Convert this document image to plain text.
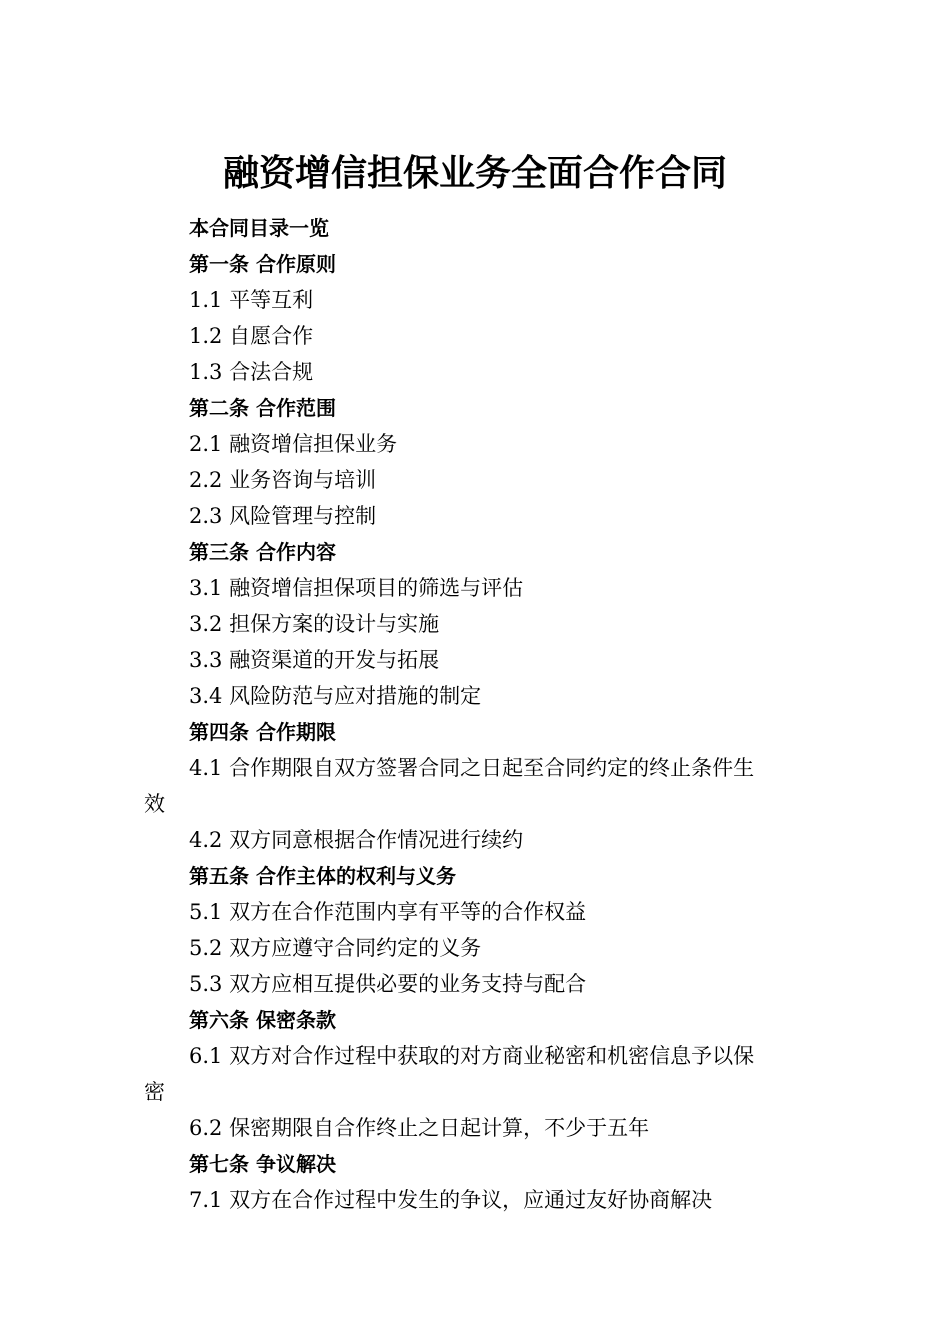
融资增信担保业务全面合作合同

本合同目录一览

第一条 合作原则

1.1 平等互利

1.2 自愿合作

1.3 合法合规

第二条 合作范围

2.1 融资增信担保业务

2.2 业务咨询与培训

2.3 风险管理与控制

第三条 合作内容

3.1 融资增信担保项目的筛选与评估

3.2 担保方案的设计与实施

3.3 融资渠道的开发与拓展

3.4 风险防范与应对措施的制定

第四条 合作期限

4.1 合作期限自双方签署合同之日起至合同约定的终止条件生

效

4.2 双方同意根据合作情况进行续约

第五条 合作主体的权利与义务

5.1 双方在合作范围内享有平等的合作权益

5.2 双方应遵守合同约定的义务

5.3 双方应相互提供必要的业务支持与配合

第六条 保密条款

6.1 双方对合作过程中获取的对方商业秘密和机密信息予以保

密

6.2 保密期限自合作终止之日起计算，不少于五年

第七条 争议解决

7.1 双方在合作过程中发生的争议，应通过友好协商解决
